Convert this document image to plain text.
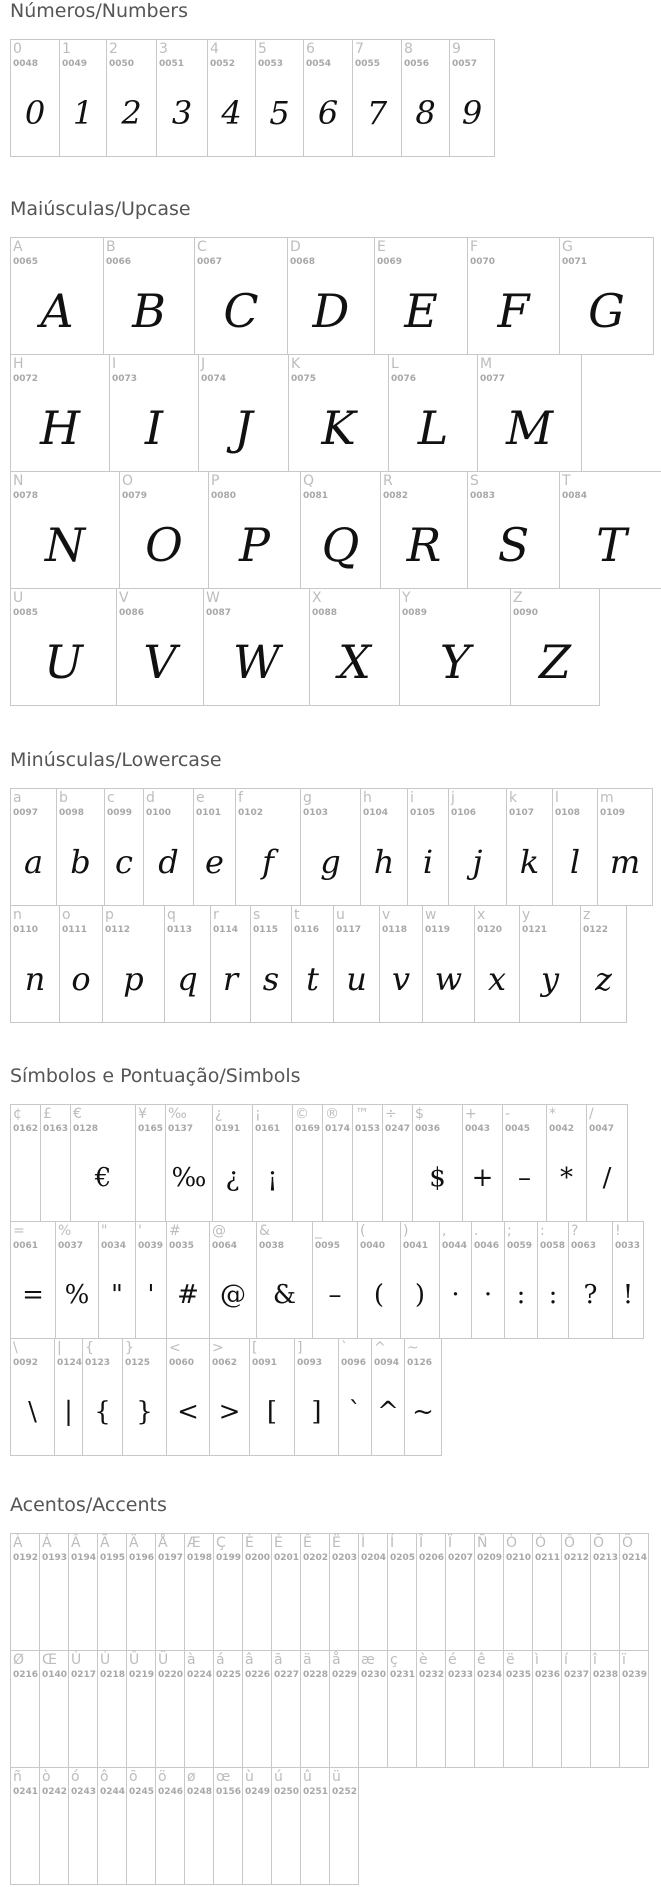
Números/Numbers
0
0048
0
1
0049
1
2
0050
2
3
0051
3
4
0052
4
5
0053
5
6
0054
6
7
0055
7
8
0056
8
9
0057
9
Maiúsculas/Upcase
A
0065
A
B
0066
B
C
0067
C
D
0068
D
E
0069
E
F
0070
F
G
0071
G
H
0072
H
I
0073
I
J
0074
J
K
0075
K
L
0076
L
M
0077
M
N
0078
N
O
0079
O
P
0080
P
Q
0081
Q
R
0082
R
S
0083
S
T
0084
T
U
0085
U
V
0086
V
W
0087
W
X
0088
X
Y
0089
Y
Z
0090
Z
Minúsculas/Lowercase
a
0097
a
b
0098
b
c
0099
c
d
0100
d
e
0101
e
f
0102
f
g
0103
g
h
0104
h
i
0105
i
j
0106
j
k
0107
k
l
0108
l
m
0109
m
n
0110
n
o
0111
o
p
0112
p
q
0113
q
r
0114
r
s
0115
s
t
0116
t
u
0117
u
v
0118
v
w
0119
w
x
0120
x
y
0121
y
z
0122
z
Símbolos e Pontuação/Simbols
¢
0162
£
0163
€
0128
€
¥
0165
‰
0137
‰
¿
0191
¿
¡
0161
¡
©
0169
®
0174
™
0153
÷
0247
$
0036
$
+
0043
+
-
0045
–
*
0042
*
/
0047
/
=
0061
=
%
0037
%
"
0034
"
'
0039
'
#
0035
#
@
0064
@
&
0038
&
_
0095
–
(
0040
(
)
0041
)
,
0044
·
.
0046
·
;
0059
:
:
0058
:
?
0063
?
!
0033
!
\
0092
\
|
0124
|
{
0123
{
}
0125
}
<
0060
<
>
0062
>
[
0091
[
]
0093
]
`
0096
`
^
0094
^
~
0126
~
Acentos/Accents
À
0192
Á
0193
Â
0194
Ã
0195
Ä
0196
Å
0197
Æ
0198
Ç
0199
È
0200
É
0201
Ê
0202
Ë
0203
Ì
0204
Í
0205
Î
0206
Ï
0207
Ñ
0209
Ò
0210
Ó
0211
Ô
0212
Õ
0213
Ö
0214
Ø
0216
Œ
0140
Ù
0217
Ú
0218
Û
0219
Ü
0220
à
0224
á
0225
â
0226
ã
0227
ä
0228
å
0229
æ
0230
ç
0231
è
0232
é
0233
ê
0234
ë
0235
ì
0236
í
0237
î
0238
ï
0239
ñ
0241
ò
0242
ó
0243
ô
0244
õ
0245
ö
0246
ø
0248
œ
0156
ù
0249
ú
0250
û
0251
ü
0252
